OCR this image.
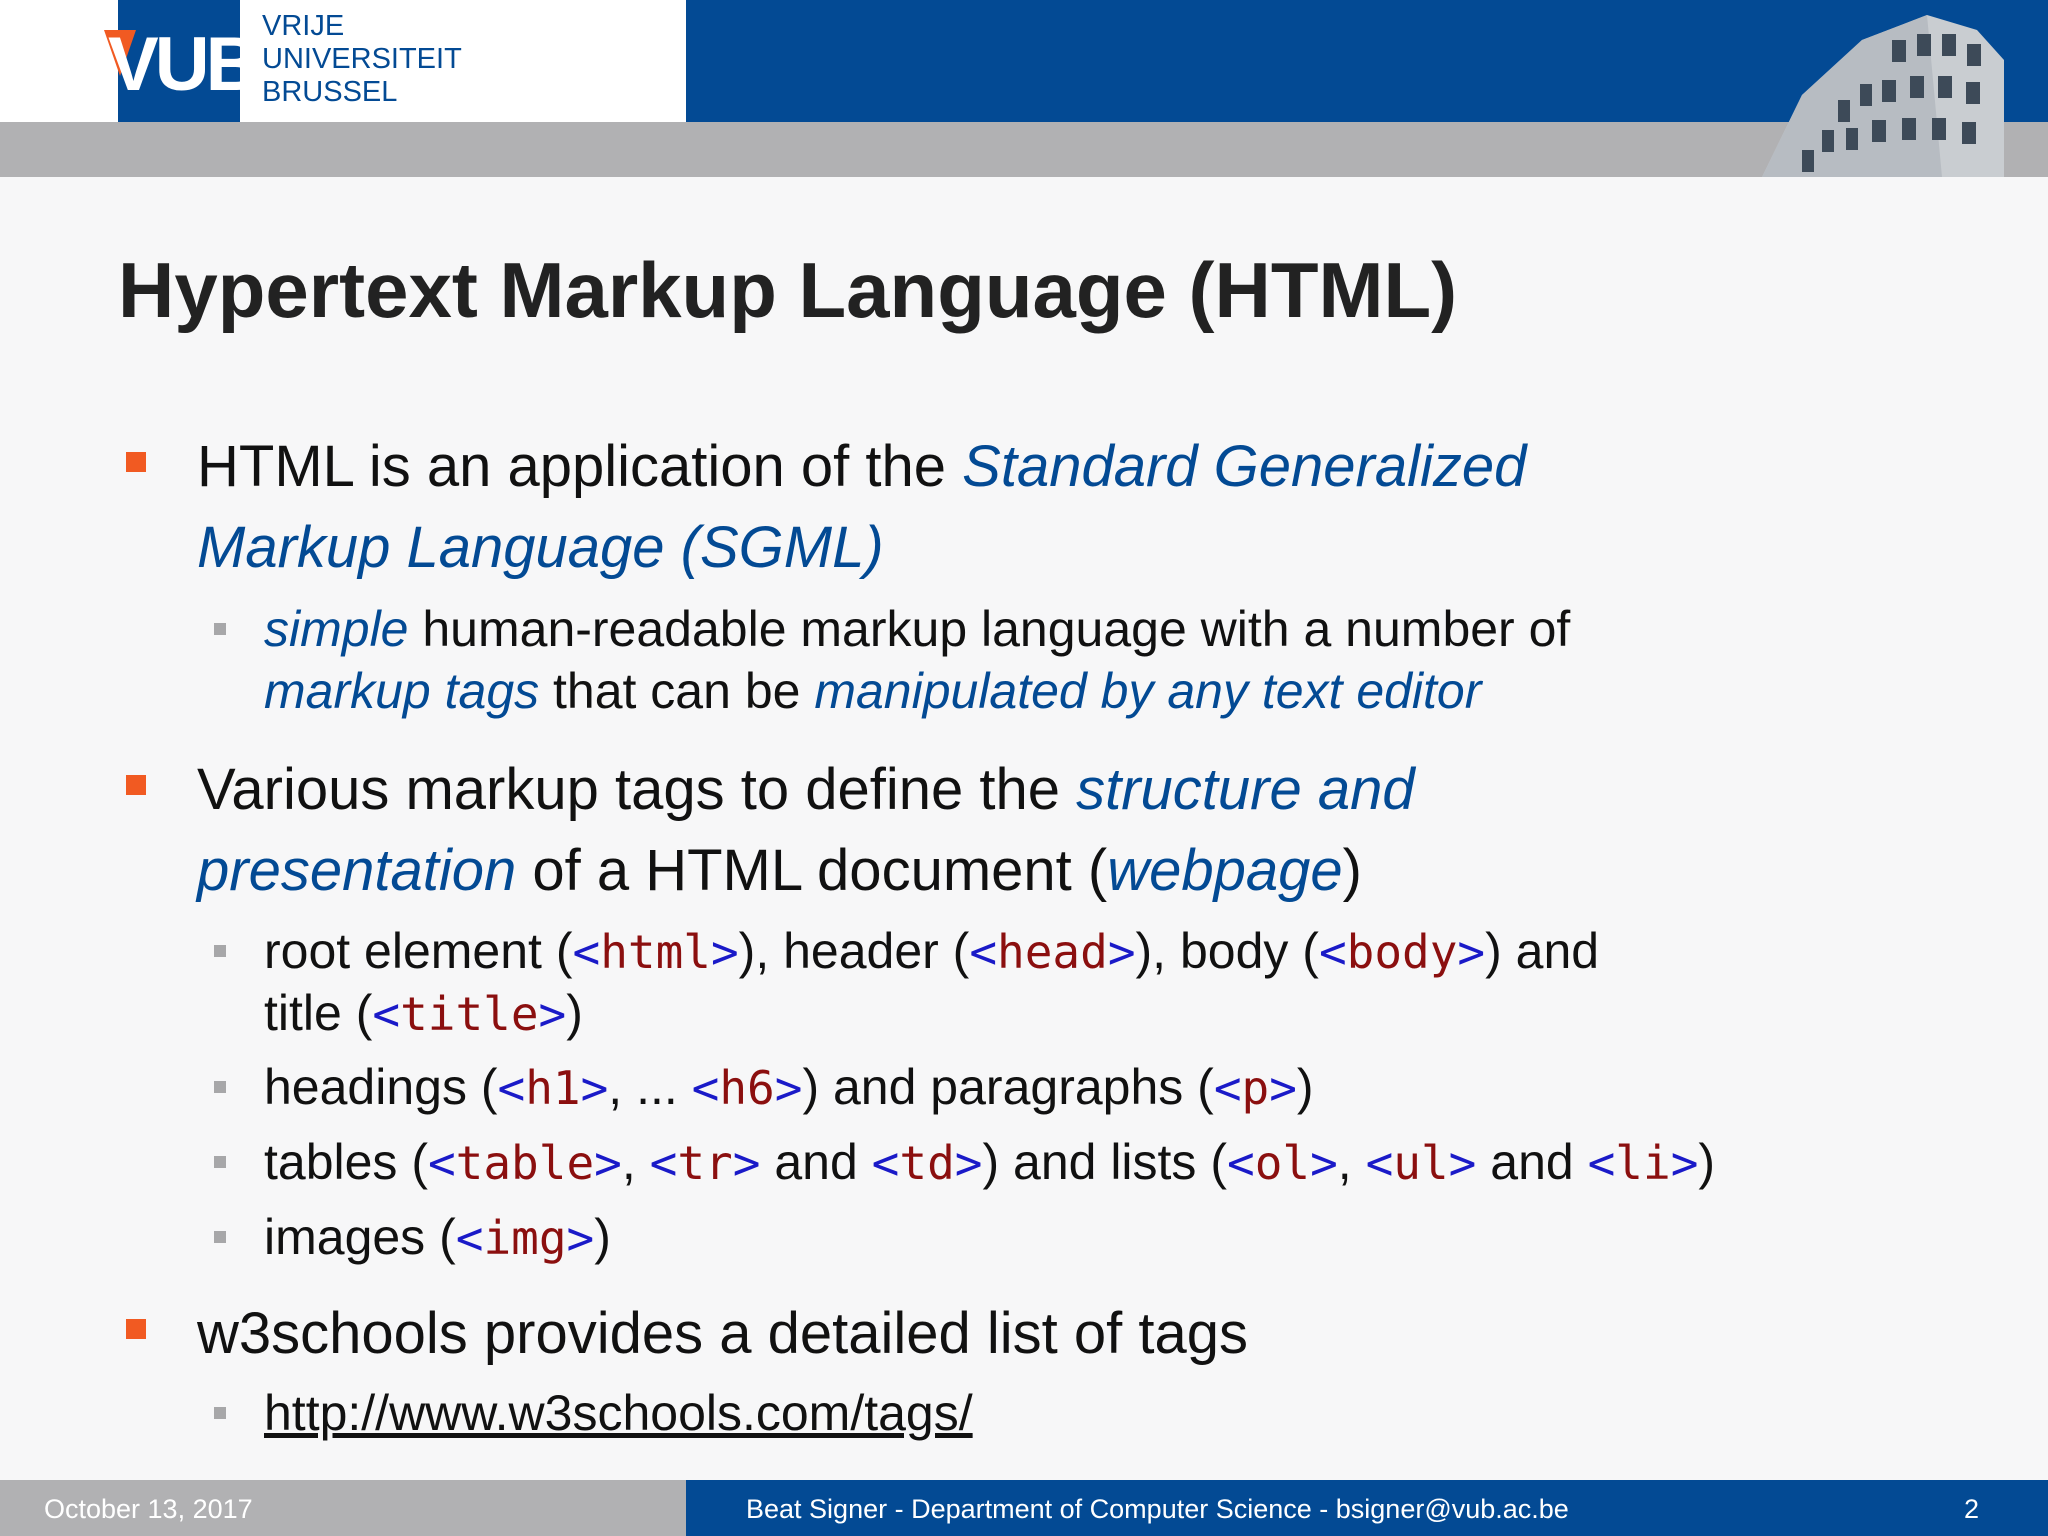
VUB VRIJE
UNIVERSITEIT
BRUSSEL
Hypertext Markup Language (HTML)
HTML is an application of the Standard Generalized
Markup Language (SGML)
simple human-readable markup language with a number of
markup tags that can be manipulated by any text editor
Various markup tags to define the structure and
presentation of a HTML document (webpage)
root element (<html>), header (<head>), body (<body>) and
title (<title>)
headings (<h1>, ... <h6>) and paragraphs (<p>)
tables (<table>, <tr> and <td>) and lists (<ol>, <ul> and <li>)
images (<img>)
w3schools provides a detailed list of tags
http://www.w3schools.com/tags/
October 13, 2017	Beat Signer - Department of Computer Science - bsigner@vub.ac.be	2
